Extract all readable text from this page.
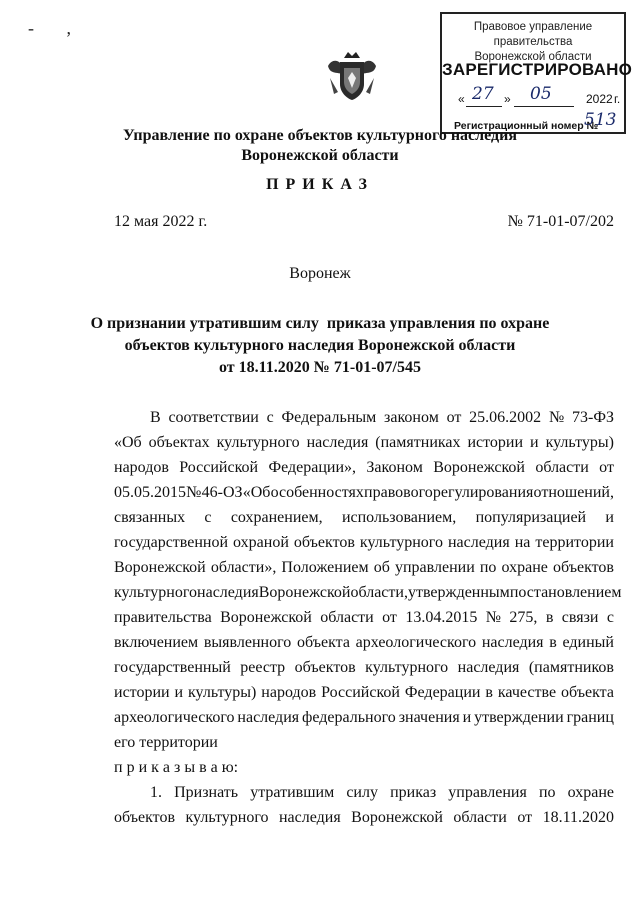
- ,	Правовое управление правительства
Воронежской области
ЗАРЕГИСТРИРОВАНО
« 27 » 05	2022 г.
Регистрационный номер №
513
Управление по охране объектов культурного наследия
Воронежской области
ПРИКАЗ
12 мая 2022 г.	№ 71-01-07/202
Воронеж
О признании утратившим силу  приказа управления по охране
объектов культурного наследия Воронежской области
от 18.11.2020 № 71-01-07/545
В соответствии с Федеральным законом от 25.06.2002 № 73-ФЗ
«Об объектах культурного наследия (памятниках истории и культуры)
народов Российской Федерации», Законом Воронежской области от
05.05.2015 № 46-ОЗ «Об особенностях правового регулирования отношений,
связанных с сохранением, использованием, популяризацией и
государственной охраной объектов культурного наследия на территории
Воронежской области», Положением об управлении по охране объектов
культурного наследия Воронежской области, утвержденным постановлением
правительства Воронежской области от 13.04.2015 № 275, в связи с
включением выявленного объекта археологического наследия в единый
государственный реестр объектов культурного наследия (памятников
истории и культуры) народов Российской Федерации в качестве объекта
археологического наследия федерального значения и утверждении границ
его территории
п р и к а з ы в а ю:
1. Признать утратившим силу приказ управления по охране
объектов культурного наследия Воронежской области от 18.11.2020
